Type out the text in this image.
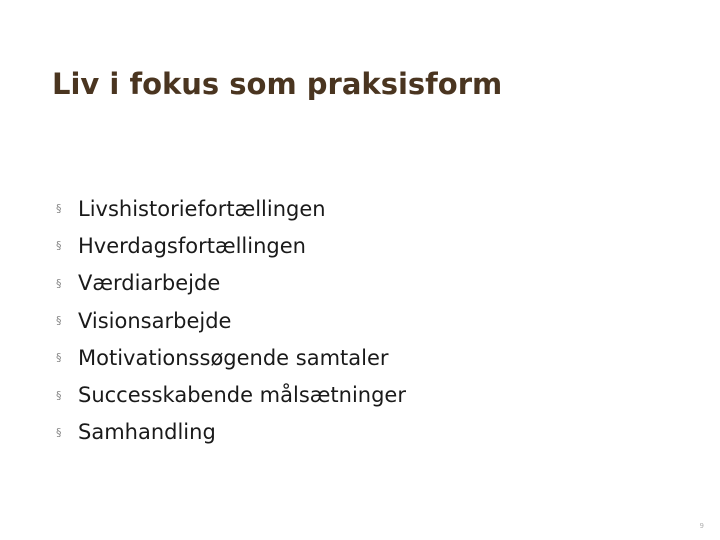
Liv i fokus som praksisform
§ Livshistoriefortællingen
§ Hverdagsfortællingen
§ Værdiarbejde
§ Visionsarbejde
§ Motivationssøgende samtaler
§ Successkabende målsætninger
§ Samhandling
9
